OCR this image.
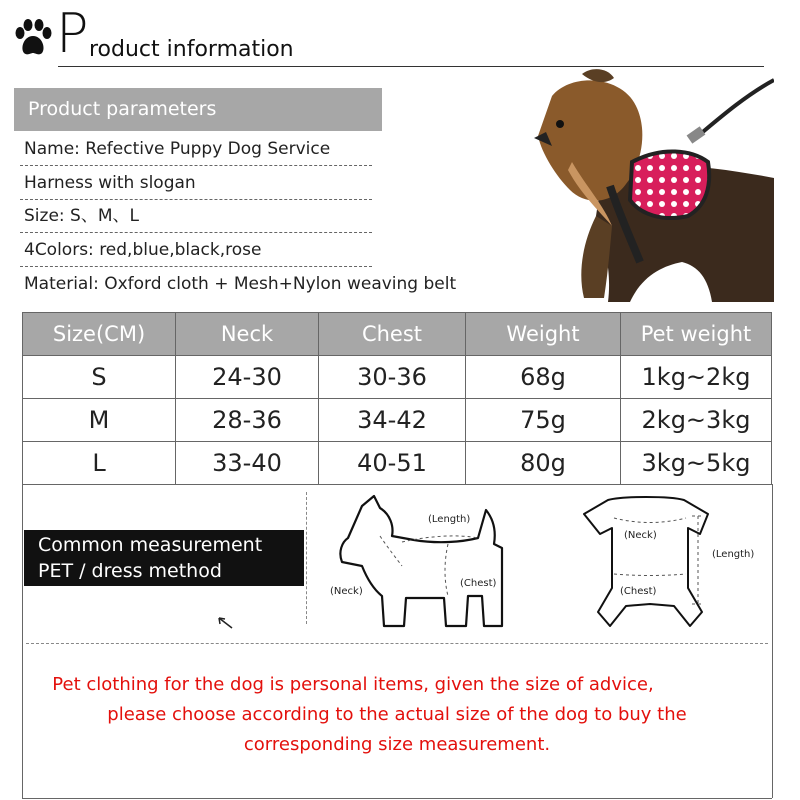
P roduct information
Product parameters
Name: Refective Puppy Dog Service
Harness with slogan
Size: S、M、L
4Colors: red,blue,black,rose
Material: Oxford cloth + Mesh+Nylon weaving belt
Size(CM)	Neck	Chest	Weight	Pet weight
S	24-30	30-36	68g	1kg~2kg
M	28-36	34-42	75g	2kg~3kg
L	33-40	40-51	80g	3kg~5kg
Common measurement
PET / dress method
(Length)
(Neck)
(Chest)
(Neck)
(Chest)
(Length)
Pet clothing for the dog is personal items, given the size of advice,
please choose according to the actual size of the dog to buy the
corresponding size measurement.
